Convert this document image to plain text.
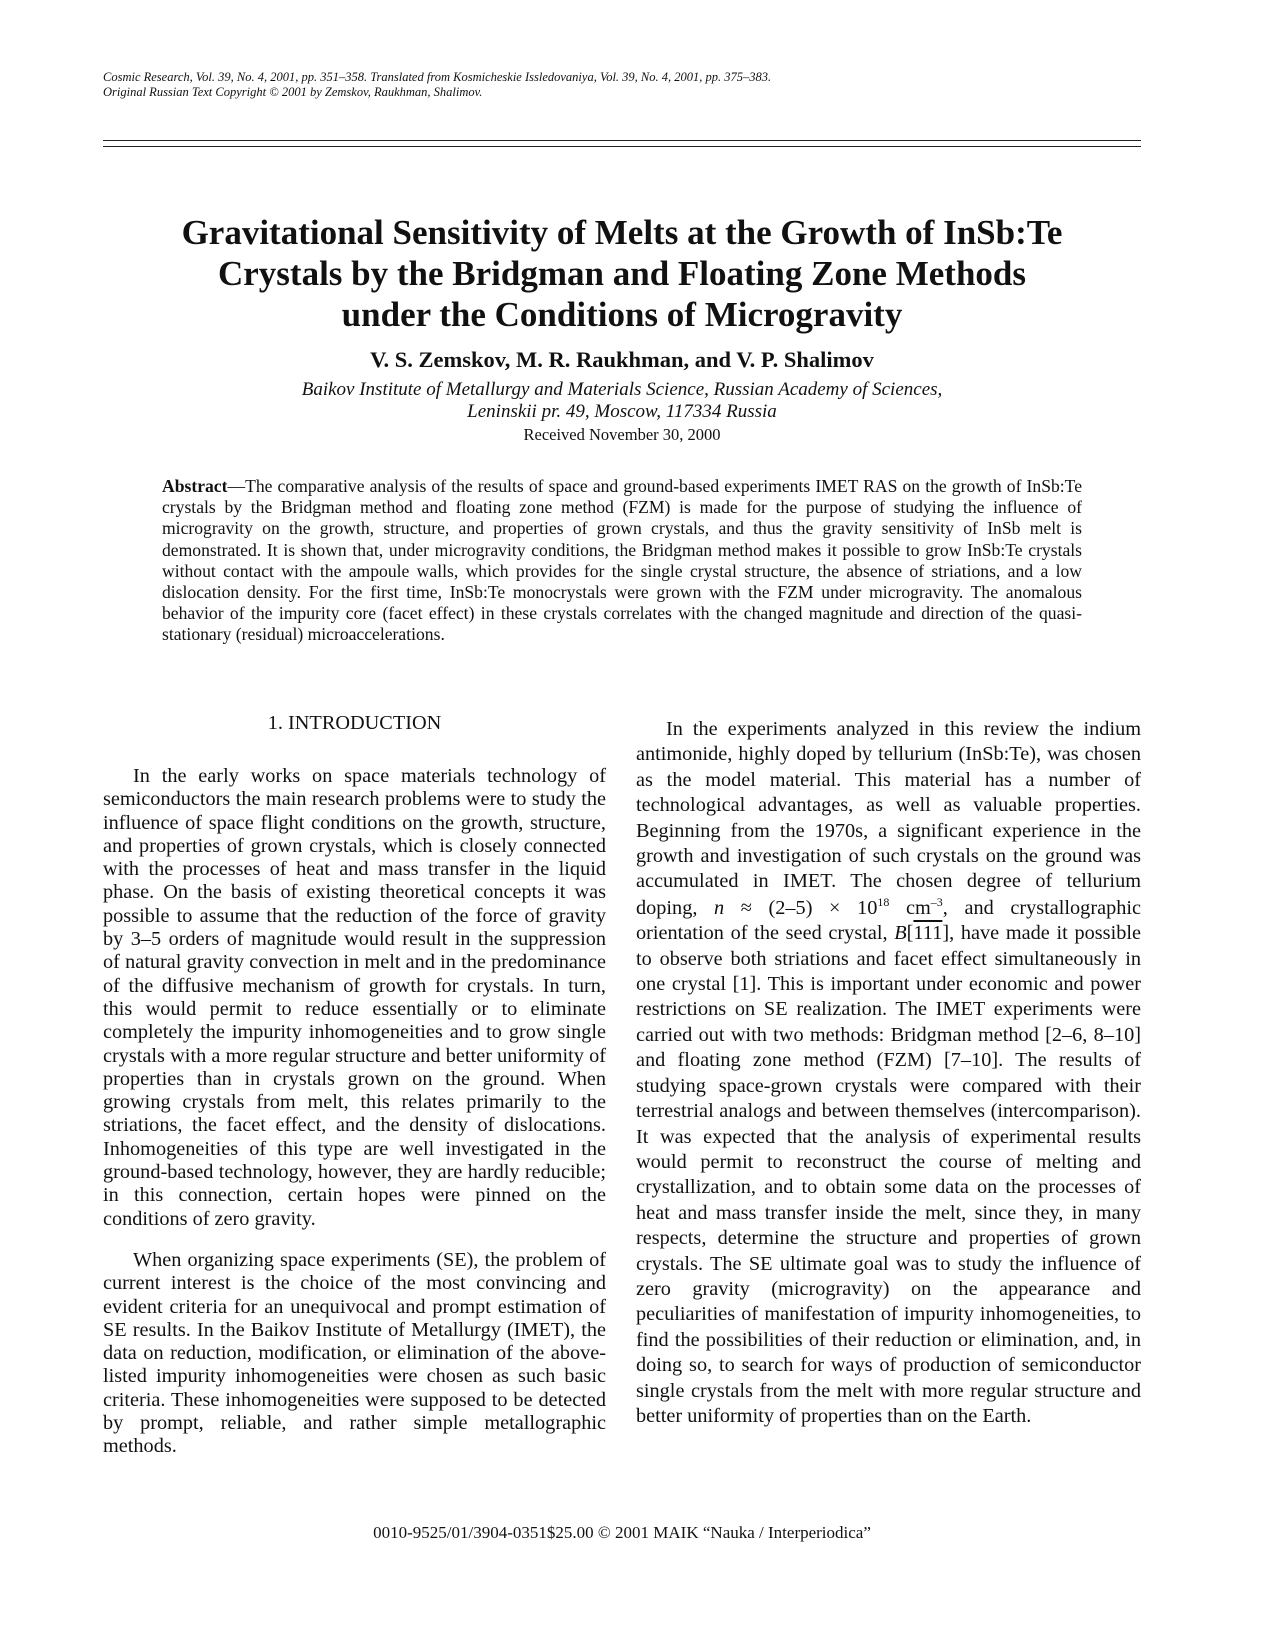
Cosmic Research, Vol. 39, No. 4, 2001, pp. 351–358. Translated from Kosmicheskie Issledovaniya, Vol. 39, No. 4, 2001, pp. 375–383.
Original Russian Text Copyright © 2001 by Zemskov, Raukhman, Shalimov.
Gravitational Sensitivity of Melts at the Growth of InSb:Te
Crystals by the Bridgman and Floating Zone Methods
under the Conditions of Microgravity
V. S. Zemskov, M. R. Raukhman, and V. P. Shalimov
Baikov Institute of Metallurgy and Materials Science, Russian Academy of Sciences,
Leninskii pr. 49, Moscow, 117334 Russia
Received November 30, 2000
Abstract—The comparative analysis of the results of space and ground-based experiments IMET RAS on the growth of InSb:Te crystals by the Bridgman method and floating zone method (FZM) is made for the purpose of studying the influence of microgravity on the growth, structure, and properties of grown crystals, and thus the gravity sensitivity of InSb melt is demonstrated. It is shown that, under microgravity conditions, the Bridgman method makes it possible to grow InSb:Te crystals without contact with the ampoule walls, which provides for the single crystal structure, the absence of striations, and a low dislocation density. For the first time, InSb:Te monocrystals were grown with the FZM under microgravity. The anomalous behavior of the impurity core (facet effect) in these crystals correlates with the changed magnitude and direction of the quasi-stationary (residual) microaccelerations.
1. INTRODUCTION

In the early works on space materials technology of semiconductors the main research problems were to study the influence of space flight conditions on the growth, structure, and properties of grown crystals, which is closely connected with the processes of heat and mass transfer in the liquid phase. On the basis of existing theoretical concepts it was possible to assume that the reduction of the force of gravity by 3–5 orders of magnitude would result in the suppression of natural gravity convection in melt and in the predominance of the diffusive mechanism of growth for crystals. In turn, this would permit to reduce essentially or to eliminate completely the impurity inhomogeneities and to grow single crystals with a more regular structure and better uniformity of properties than in crystals grown on the ground. When growing crystals from melt, this relates primarily to the striations, the facet effect, and the density of dislocations. Inhomogeneities of this type are well investigated in the ground-based technology, however, they are hardly reducible; in this connection, certain hopes were pinned on the conditions of zero gravity.

When organizing space experiments (SE), the problem of current interest is the choice of the most convincing and evident criteria for an unequivocal and prompt estimation of SE results. In the Baikov Institute of Metallurgy (IMET), the data on reduction, modification, or elimination of the above-listed impurity inhomogeneities were chosen as such basic criteria. These inhomogeneities were supposed to be detected by prompt, reliable, and rather simple metallographic methods.

In the experiments analyzed in this review the indium antimonide, highly doped by tellurium (InSb:Te), was chosen as the model material. This material has a number of technological advantages, as well as valuable properties. Beginning from the 1970s, a significant experience in the growth and investigation of such crystals on the ground was accumulated in IMET. The chosen degree of tellurium doping, $n \approx (2-5) \times 10^{18}$ $cm^{-3}$, and crystallographic orientation of the seed crystal, B[111], have made it possible to observe both striations and facet effect simultaneously in one crystal [1]. This is important under economic and power restrictions on SE realization. The IMET experiments were carried out with two methods: Bridgman method [2–6, 8–10] and floating zone method (FZM) [7–10]. The results of studying space-grown crystals were compared with their terrestrial analogs and between themselves (intercomparison). It was expected that the analysis of experimental results would permit to reconstruct the course of melting and crystallization, and to obtain some data on the processes of heat and mass transfer inside the melt, since they, in many respects, determine the structure and properties of grown crystals. The SE ultimate goal was to study the influence of zero gravity (microgravity) on the appearance and peculiarities of manifestation of impurity inhomogeneities, to find the possibilities of their reduction or elimination, and, in doing so, to search for ways of production of semiconductor single crystals from the melt with more regular structure and better uniformity of properties than on the Earth.

0010-9525/01/3904-0351$25.00 © 2001 MAIK “Nauka / Interperiodica”
